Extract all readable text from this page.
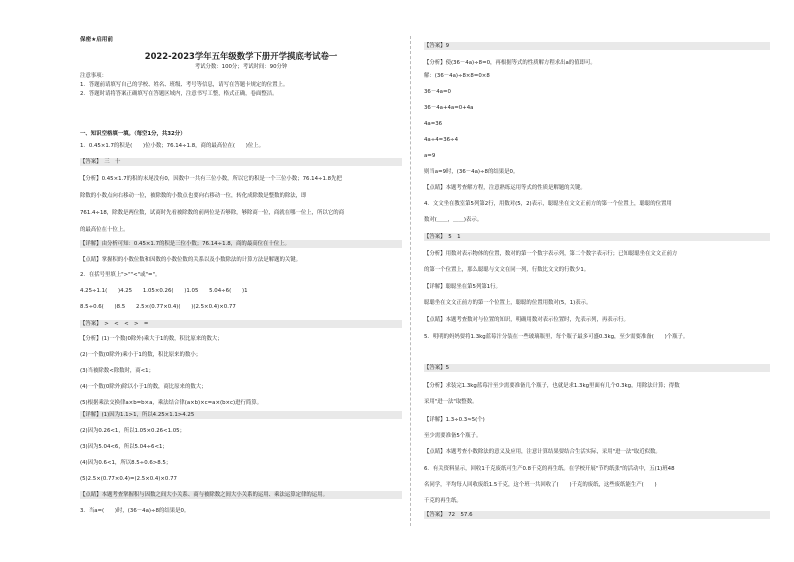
保密★启用前
2022-2023学年五年级数学下册开学摸底考试卷一
考试分数：100分；考试时间：90分钟
注意事项：
1．答题前请填写自己的学校、姓名、班级、考号等信息，请写在答题卡规定的位置上。
2．答题时请将答案正确填写在答题区域内，注意书写工整，格式正确，卷面整洁。
一、知识空格填一填。（每空1分，共32分）
1．0.45×1.7的积是(　　)位小数；76.14÷1.8，商的最高位在(　　)位上。
【答案】　三　十
【分析】0.45×1.7的积的末尾没有0，因数中一共有三位小数，所以它的积是一个三位小数；76.14÷1.8先把
除数的小数点向右移动一位，被除数的小数点也要向右移动一位，转化成除数是整数的除法，即
761.4÷18，除数是两位数，试商时先看被除数的前两位是否够除，够除商一位，商就在哪一位上，所以它的商
的最高位在十位上。
【详解】由分析可知：0.45×1.7的积是三位小数；76.14÷1.8，商的最高位在十位上。
【点睛】掌握积的小数位数和因数的小数位数的关系以及小数除法的计算方法是解题的关键。
2．在括号里填上">""<"或"="。
4.25÷1.1(　　)4.25　　1.05×0.26(　　)1.05　　5.04÷6(　　)1
8.5÷0.6(　　)8.5　　2.5×(0.77×0.4)(　　)(2.5×0.4)×0.77
【答案】　>　<　<　>　=
【分析】(1)一个数(0除外)乘大于1的数，积比原来的数大；
(2)一个数(0除外)乘小于1的数，积比原来的数小；
(3)当被除数<除数时，商<1；
(4)一个数(0除外)除以小于1的数，商比原来的数大；
(5)根据乘法交换律a×b=b×a，乘法结合律(a×b)×c=a×(b×c)进行简算。
【详解】(1)因为1.1>1，所以4.25×1.1>4.25
(2)因为0.26<1，所以1.05×0.26<1.05；
(3)因为5.04<6，所以5.04÷6<1；
(4)因为0.6<1，所以8.5÷0.6>8.5；
(5)2.5×(0.77×0.4)=(2.5×0.4)×0.77
【点睛】本题考查掌握积与因数之间大小关系、商与被除数之间大小关系的运用、乘法运算定律的运用。
3．当a=(　　)时，(36－4a)÷8的结果是0。
【答案】9
【分析】使(36－4a)÷8=0，再根据等式的性质解方程求出a的值即可。
解：(36－4a)÷8×8=0×8
36－4a=0
36－4a+4a=0+4a
4a=36
4a÷4=36÷4
a=9
则当a=9时，(36－4a)÷8的结果是0。
【点睛】本题考查解方程，注意熟练运用等式的性质是解题的关键。
4．文文坐在教室第5列第2行，用数对(5，2)表示，聪聪坐在文文正前方的第一个位置上，聪聪的位置用
数对(＿＿，＿＿)表示。
【答案】　5　1
【分析】用数对表示物体的位置，数对的第一个数字表示列，第二个数字表示行；已知聪聪坐在文文正前方
的第一个位置上，那么聪聪与文文在同一列，行数比文文的行数少1。
【详解】聪聪坐在第5列第1行。
聪聪坐在文文正前方的第一个位置上，聪聪的位置用数对(5，1)表示。
【点睛】本题考查数对与位置的知识，明确用数对表示位置时，先表示列，再表示行。
5．明明的妈妈要将1.3kg蓝莓汁分装在一些玻璃瓶里，每个瓶子最多可盛0.3kg，至少需要准备(　　)个瓶子。
【答案】5
【分析】求装完1.3kg蓝莓汁至少需要准备几个瓶子，也就是求1.3kg里面有几个0.3kg，用除法计算；得数
采用"进一法"取整数。
【详解】1.3÷0.3≈5(个)
至少需要准备5个瓶子。
【点睛】本题考查小数除法的意义及应用，注意计算结果要结合生活实际，采用"进一法"取近似数。
6．有关资料显示，回收1千克废纸可生产0.8千克的再生纸。在学校开展"节约纸张"的活动中，五(1)班48
名同学，平均每人回收废纸1.5千克，这个班一共回收了(　　)千克的废纸，这些废纸能生产(　　)
千克的再生纸。
【答案】　72　57.6
